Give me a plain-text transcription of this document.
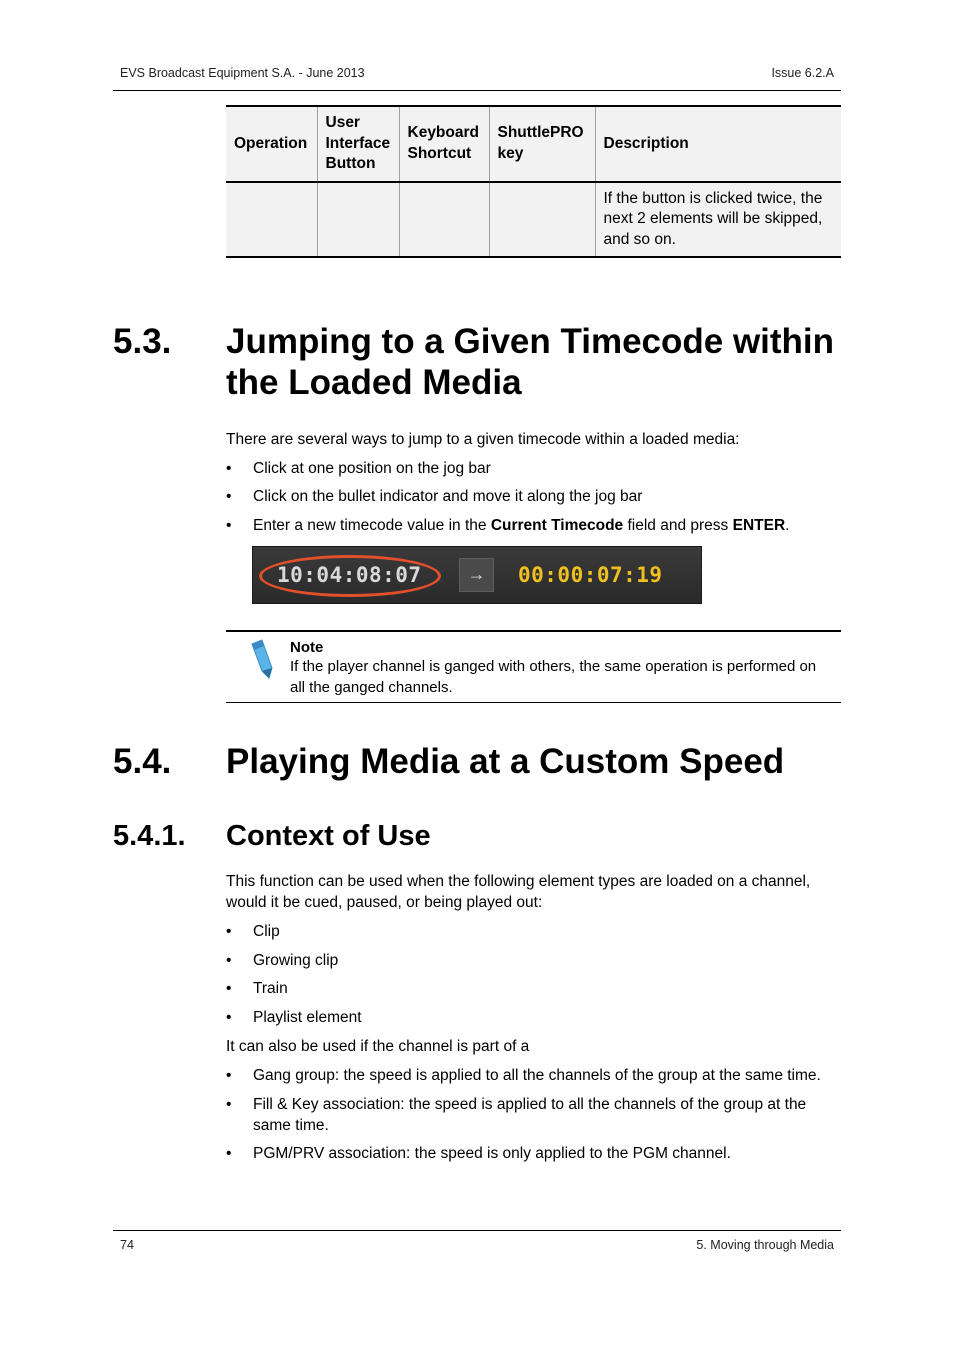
EVS Broadcast Equipment S.A. - June 2013	Issue 6.2.A
Operation	User Interface Button	Keyboard Shortcut	ShuttlePRO key	Description
				If the button is clicked twice, the next 2 elements will be skipped, and so on.
5.3. Jumping to a Given Timecode within
the Loaded Media
There are several ways to jump to a given timecode within a loaded media:
• Click at one position on the jog bar
• Click on the bullet indicator and move it along the jog bar
• Enter a new timecode value in the Current Timecode field and press ENTER.
10:04:08:07	→	00:00:07:19
Note
If the player channel is ganged with others, the same operation is performed on all the ganged channels.
5.4. Playing Media at a Custom Speed
5.4.1. Context of Use
This function can be used when the following element types are loaded on a channel, would it be cued, paused, or being played out:
• Clip
• Growing clip
• Train
• Playlist element
It can also be used if the channel is part of a
• Gang group: the speed is applied to all the channels of the group at the same time.
• Fill & Key association: the speed is applied to all the channels of the group at the same time.
• PGM/PRV association: the speed is only applied to the PGM channel.
74	5. Moving through Media
